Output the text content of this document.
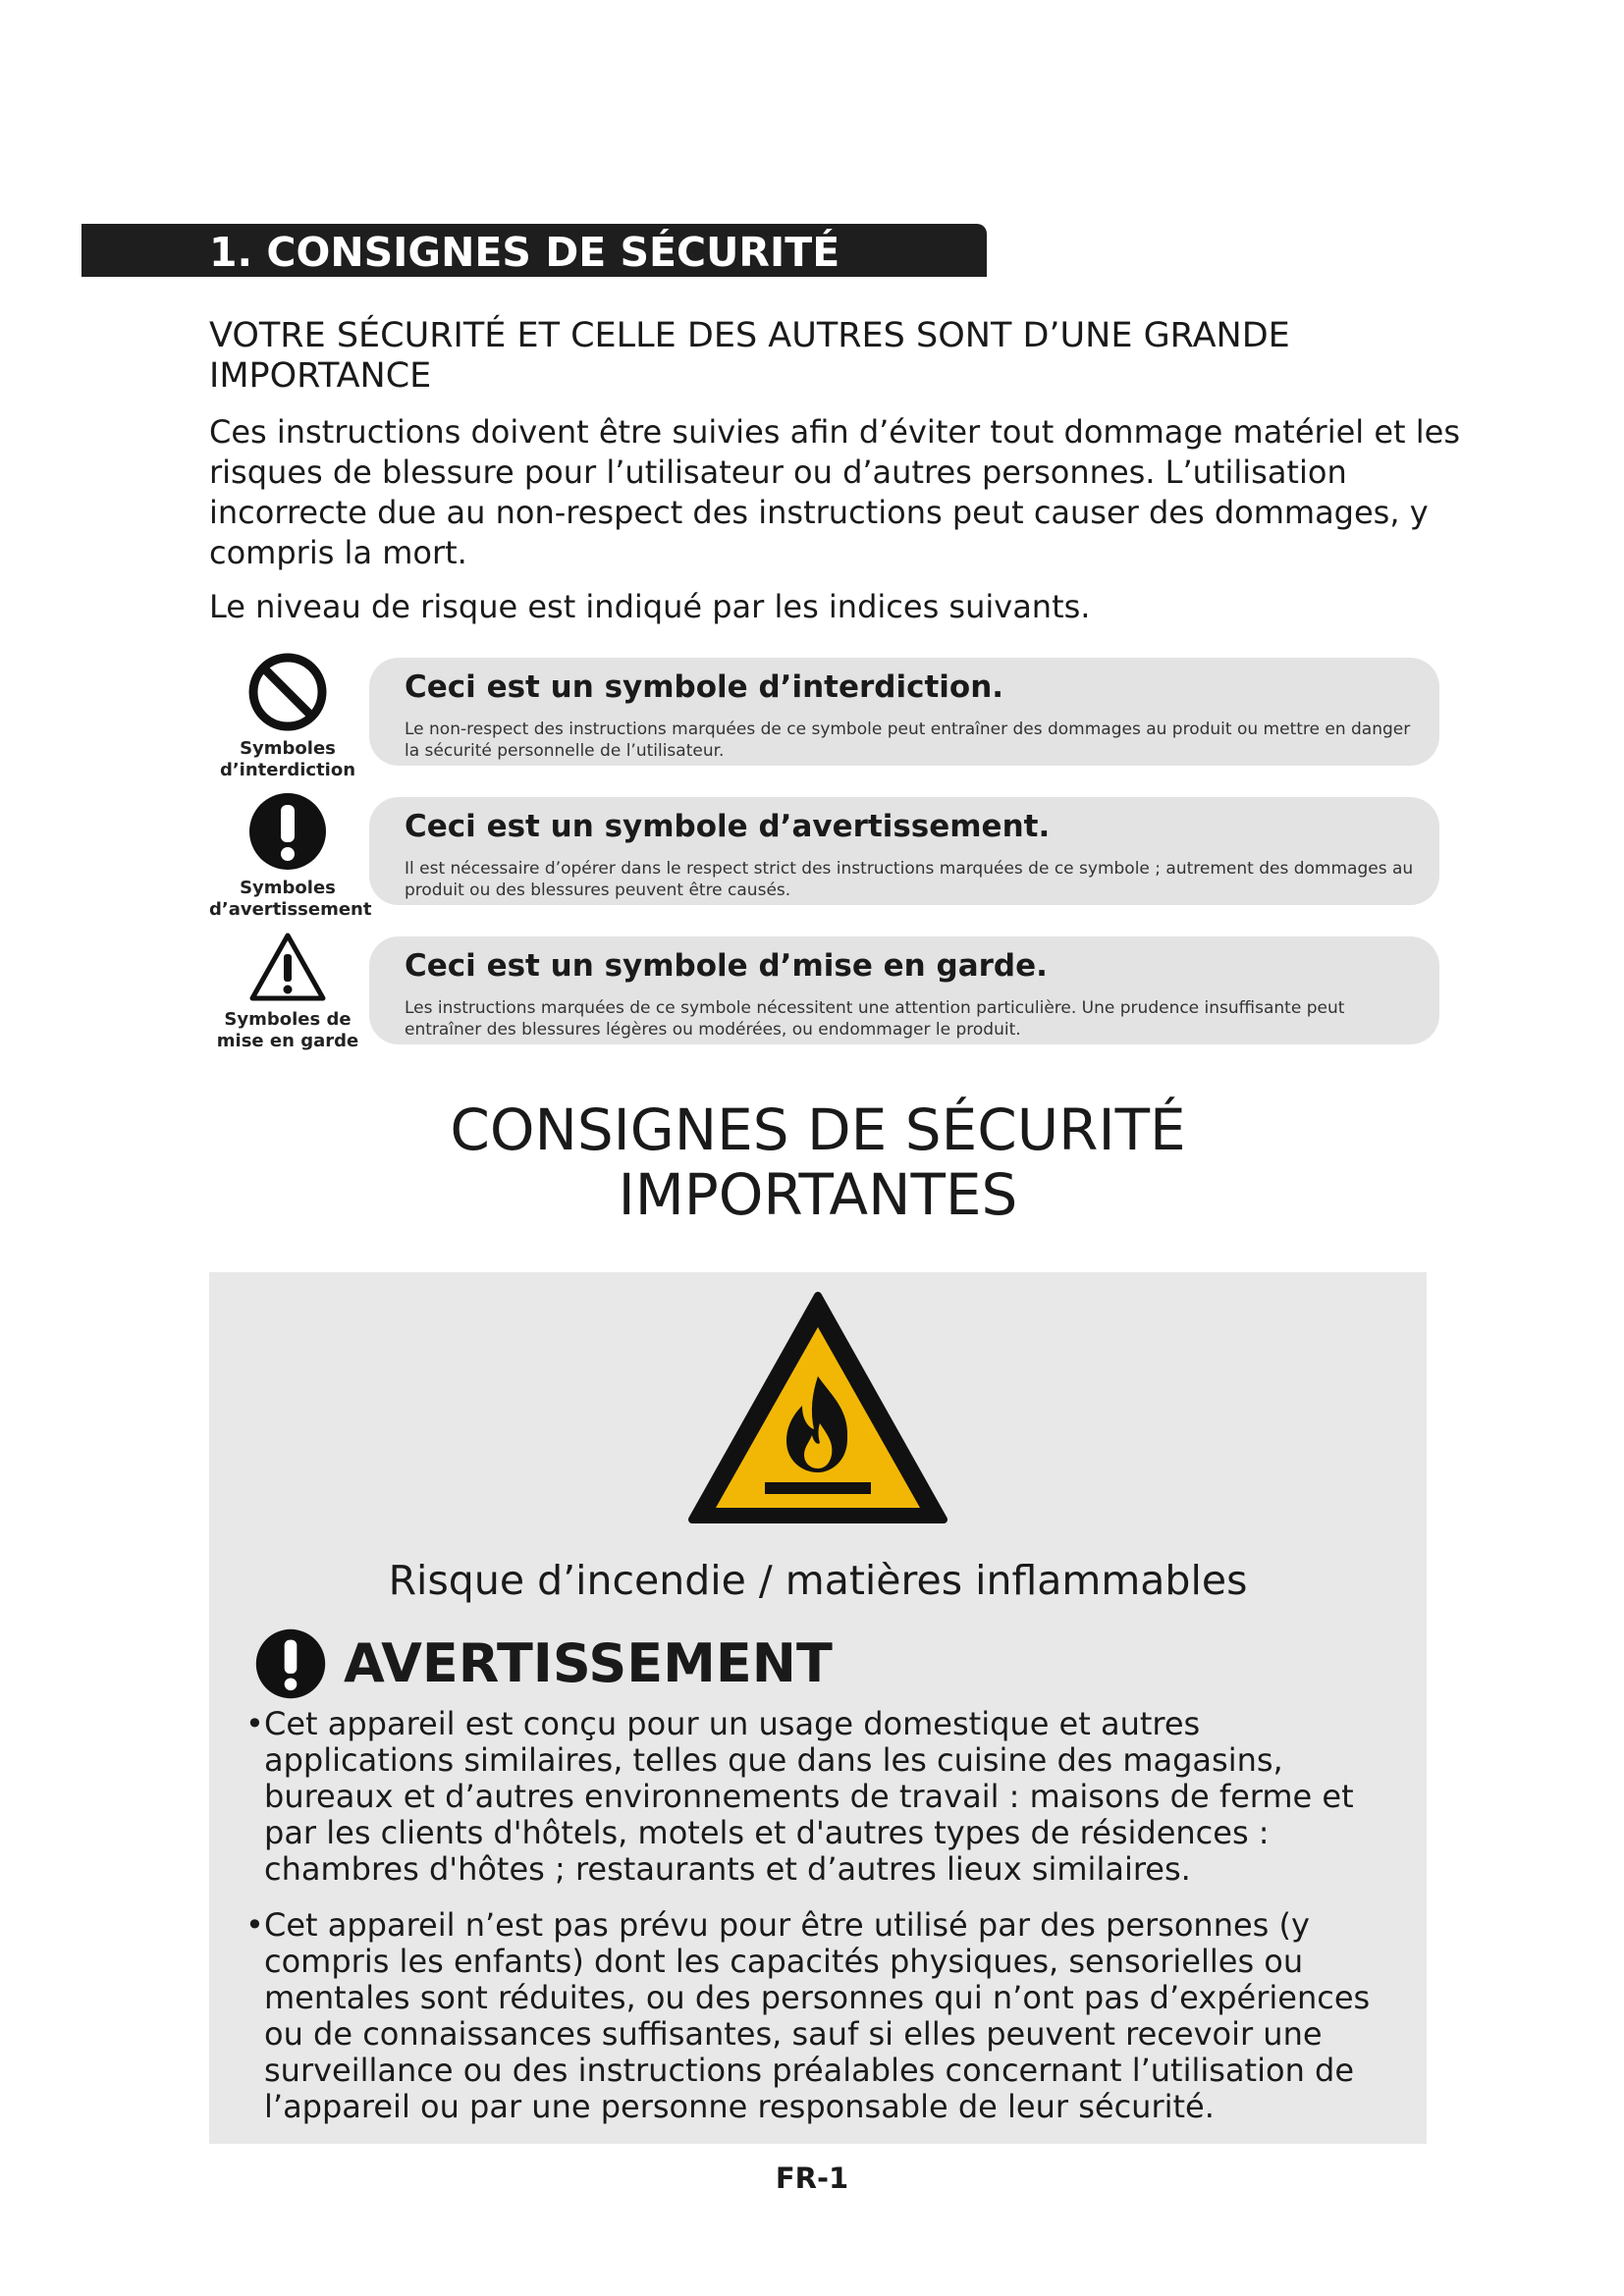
1. CONSIGNES DE SÉCURITÉ
VOTRE SÉCURITÉ ET CELLE DES AUTRES SONT D’UNE GRANDE IMPORTANCE

Ces instructions doivent être suivies afin d’éviter tout dommage matériel et les risques de blessure pour l’utilisateur ou d’autres personnes. L’utilisation incorrecte due au non-respect des instructions peut causer des dommages, y compris la mort.

Le niveau de risque est indiqué par les indices suivants.

Symboles d’interdiction
Ceci est un symbole d’interdiction.
Le non-respect des instructions marquées de ce symbole peut entraîner des dommages au produit ou mettre en danger la sécurité personnelle de l’utilisateur.
Symboles d’avertissement
Ceci est un symbole d’avertissement.
Il est nécessaire d’opérer dans le respect strict des instructions marquées de ce symbole ; autrement des dommages au produit ou des blessures peuvent être causés.
Symboles de mise en garde
Ceci est un symbole d’mise en garde.
Les instructions marquées de ce symbole nécessitent une attention particulière. Une prudence insuffisante peut entraîner des blessures légères ou modérées, ou endommager le produit.
CONSIGNES DE SÉCURITÉ
IMPORTANTES

Risque d’incendie / matières inflammables

AVERTISSEMENT

•Cet appareil est conçu pour un usage domestique et autres applications similaires, telles que dans les cuisine des magasins, bureaux et d’autres environnements de travail : maisons de ferme et par les clients d'hôtels, motels et d'autres types de résidences : chambres d'hôtes ; restaurants et d’autres lieux similaires.
•Cet appareil n’est pas prévu pour être utilisé par des personnes (y compris les enfants) dont les capacités physiques, sensorielles ou mentales sont réduites, ou des personnes qui n’ont pas d’expériences ou de connaissances suffisantes, sauf si elles peuvent recevoir une surveillance ou des instructions préalables concernant l’utilisation de l’appareil ou par une personne responsable de leur sécurité.
FR-1
